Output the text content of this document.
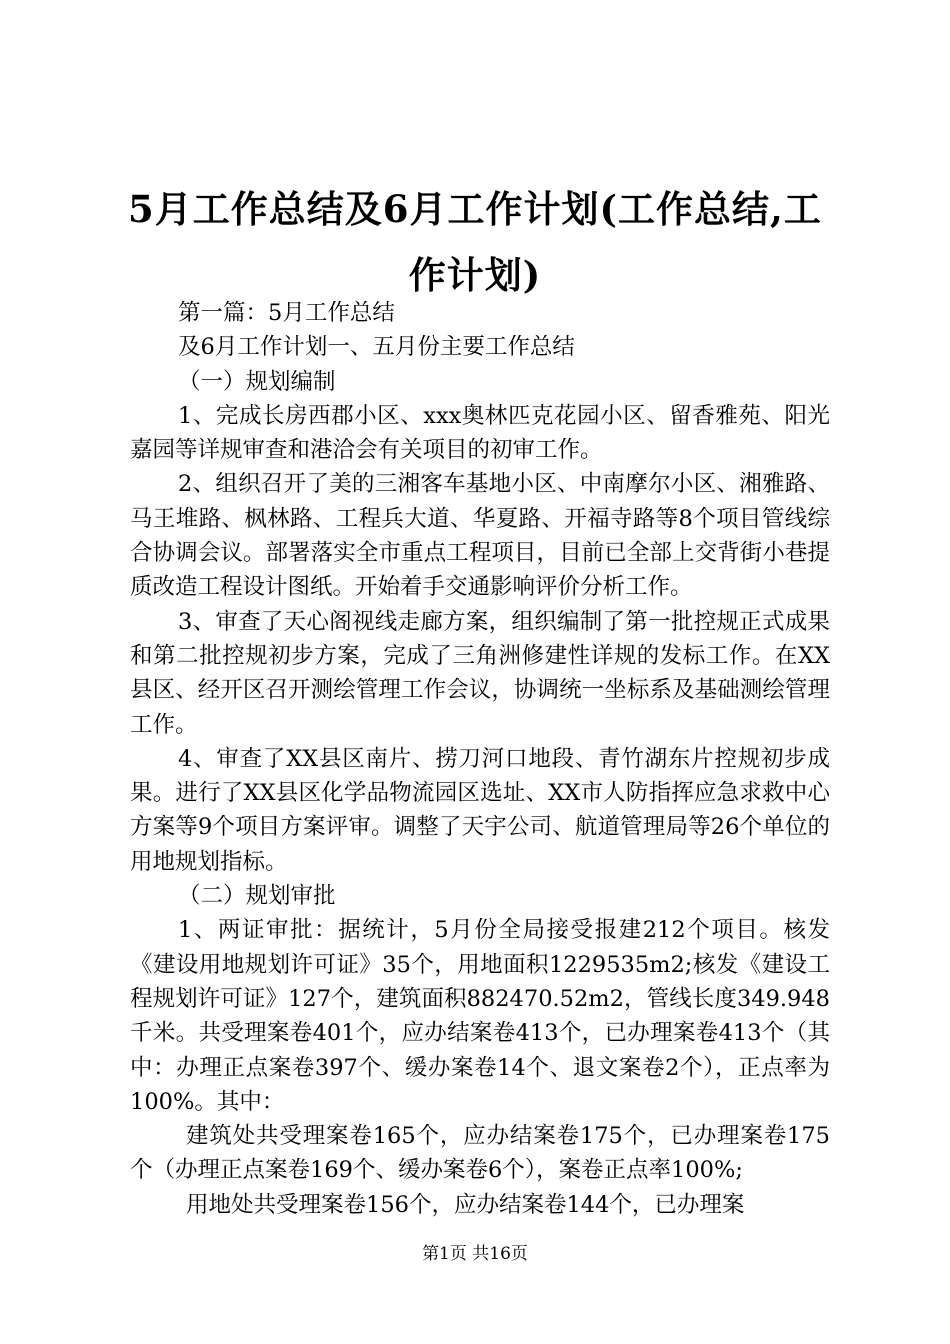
5月工作总结及6月工作计划(工作总结,工作计划)

第一篇：5月工作总结

及6月工作计划一、五月份主要工作总结

（一）规划编制

1、完成长房西郡小区、xxx奥林匹克花园小区、留香雅苑、阳光嘉园等详规审查和港洽会有关项目的初审工作。

2、组织召开了美的三湘客车基地小区、中南摩尔小区、湘雅路、马王堆路、枫林路、工程兵大道、华夏路、开福寺路等8个项目管线综合协调会议。部署落实全市重点工程项目，目前已全部上交背街小巷提质改造工程设计图纸。开始着手交通影响评价分析工作。

3、审查了天心阁视线走廊方案，组织编制了第一批控规正式成果和第二批控规初步方案，完成了三角洲修建性详规的发标工作。在XX县区、经开区召开测绘管理工作会议，协调统一坐标系及基础测绘管理工作。

4、审查了XX县区南片、捞刀河口地段、青竹湖东片控规初步成果。进行了XX县区化学品物流园区选址、XX市人防指挥应急求救中心方案等9个项目方案评审。调整了天宇公司、航道管理局等26个单位的用地规划指标。

（二）规划审批

1、两证审批：据统计，5月份全局接受报建212个项目。核发《建设用地规划许可证》35个，用地面积1229535m2;核发《建设工程规划许可证》127个，建筑面积882470.52m2，管线长度349.948千米。共受理案卷401个，应办结案卷413个，已办理案卷413个（其中：办理正点案卷397个、缓办案卷14个、退文案卷2个），正点率为100%。其中：

建筑处共受理案卷165个，应办结案卷175个，已办理案卷175个（办理正点案卷169个、缓办案卷6个），案卷正点率100%;

用地处共受理案卷156个，应办结案卷144个，已办理案

第1页 共16页
